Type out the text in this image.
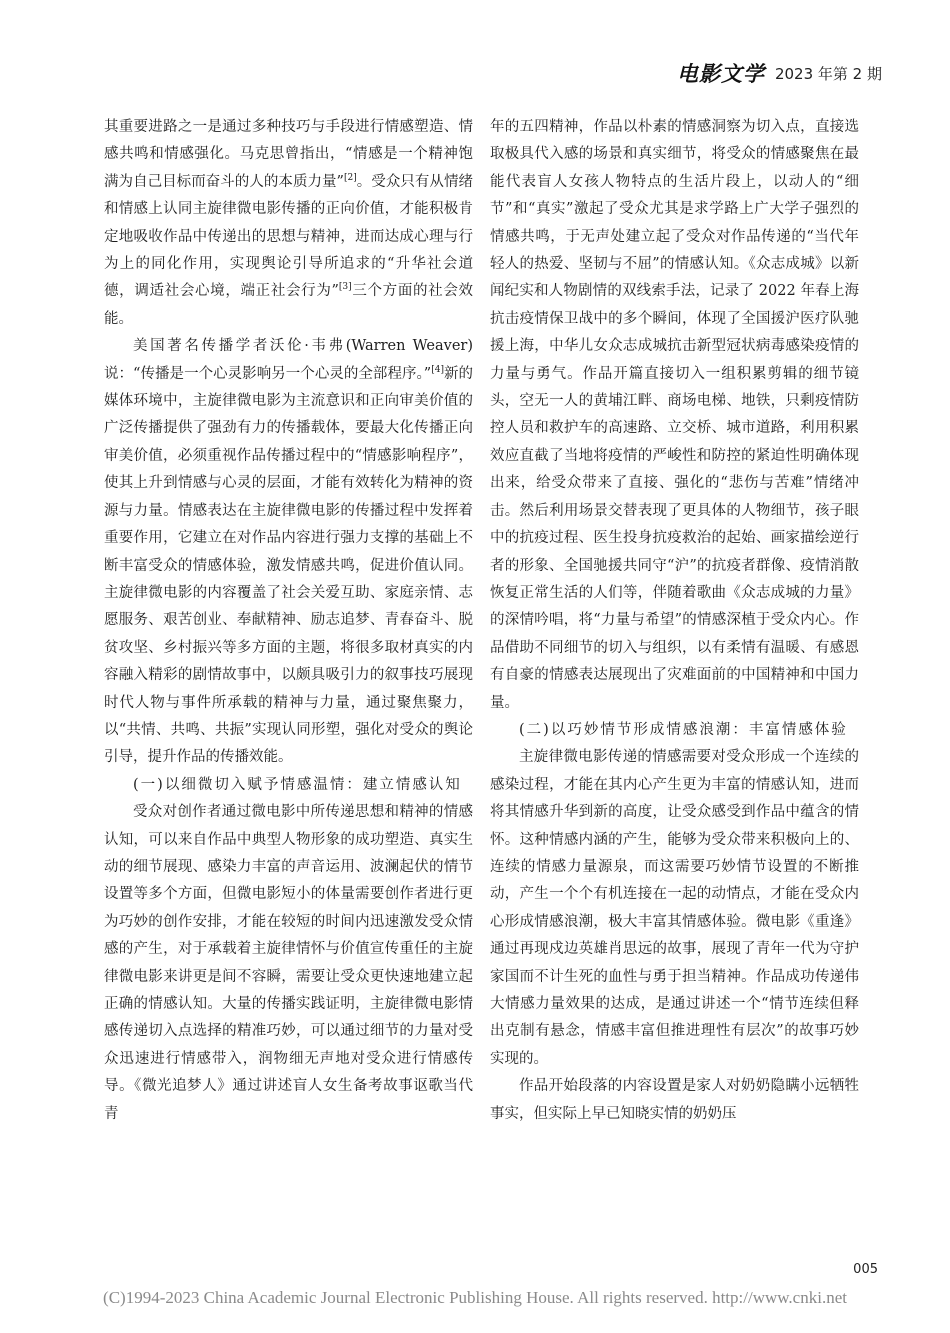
电影文学 2023 年第 2 期

其重要进路之一是通过多种技巧与手段进行情感塑造、情感共鸣和情感强化。马克思曾指出，“情感是一个精神饱满为自己目标而奋斗的人的本质力量”[2]。受众只有从情绪和情感上认同主旋律微电影传播的正向价值，才能积极肯定地吸收作品中传递出的思想与精神，进而达成心理与行为上的同化作用，实现舆论引导所追求的“升华社会道德，调适社会心境，端正社会行为”[3]三个方面的社会效能。

美国著名传播学者沃伦·韦弗(Warren Weaver)说：“传播是一个心灵影响另一个心灵的全部程序。”[4]新的媒体环境中，主旋律微电影为主流意识和正向审美价值的广泛传播提供了强劲有力的传播载体，要最大化传播正向审美价值，必须重视作品传播过程中的“情感影响程序”，使其上升到情感与心灵的层面，才能有效转化为精神的资源与力量。情感表达在主旋律微电影的传播过程中发挥着重要作用，它建立在对作品内容进行强力支撑的基础上不断丰富受众的情感体验，激发情感共鸣，促进价值认同。主旋律微电影的内容覆盖了社会关爱互助、家庭亲情、志愿服务、艰苦创业、奉献精神、励志追梦、青春奋斗、脱贫攻坚、乡村振兴等多方面的主题，将很多取材真实的内容融入精彩的剧情故事中，以颇具吸引力的叙事技巧展现时代人物与事件所承载的精神与力量，通过聚焦聚力，以“共情、共鸣、共振”实现认同形塑，强化对受众的舆论引导，提升作品的传播效能。

(一)以细微切入赋予情感温情：建立情感认知

受众对创作者通过微电影中所传递思想和精神的情感认知，可以来自作品中典型人物形象的成功塑造、真实生动的细节展现、感染力丰富的声音运用、波澜起伏的情节设置等多个方面，但微电影短小的体量需要创作者进行更为巧妙的创作安排，才能在较短的时间内迅速激发受众情感的产生，对于承载着主旋律情怀与价值宣传重任的主旋律微电影来讲更是间不容瞬，需要让受众更快速地建立起正确的情感认知。大量的传播实践证明，主旋律微电影情感传递切入点选择的精准巧妙，可以通过细节的力量对受众迅速进行情感带入，润物细无声地对受众进行情感传导。《微光追梦人》通过讲述盲人女生备考故事讴歌当代青

年的五四精神，作品以朴素的情感洞察为切入点，直接选取极具代入感的场景和真实细节，将受众的情感聚焦在最能代表盲人女孩人物特点的生活片段上，以动人的“细节”和“真实”激起了受众尤其是求学路上广大学子强烈的情感共鸣，于无声处建立起了受众对作品传递的“当代年轻人的热爱、坚韧与不屈”的情感认知。《众志成城》以新闻纪实和人物剧情的双线索手法，记录了 2022 年春上海抗击疫情保卫战中的多个瞬间，体现了全国援沪医疗队驰援上海，中华儿女众志成城抗击新型冠状病毒感染疫情的力量与勇气。作品开篇直接切入一组积累剪辑的细节镜头，空无一人的黄埔江畔、商场电梯、地铁，只剩疫情防控人员和救护车的高速路、立交桥、城市道路，利用积累效应直截了当地将疫情的严峻性和防控的紧迫性明确体现出来，给受众带来了直接、强化的“悲伤与苦难”情绪冲击。然后利用场景交替表现了更具体的人物细节，孩子眼中的抗疫过程、医生投身抗疫救治的起始、画家描绘逆行者的形象、全国驰援共同守“沪”的抗疫者群像、疫情消散恢复正常生活的人们等，伴随着歌曲《众志成城的力量》的深情吟唱，将“力量与希望”的情感深植于受众内心。作品借助不同细节的切入与组织，以有柔情有温暖、有感恩有自豪的情感表达展现出了灾难面前的中国精神和中国力量。

(二)以巧妙情节形成情感浪潮：丰富情感体验

主旋律微电影传递的情感需要对受众形成一个连续的感染过程，才能在其内心产生更为丰富的情感认知，进而将其情感升华到新的高度，让受众感受到作品中蕴含的情怀。这种情感内涵的产生，能够为受众带来积极向上的、连续的情感力量源泉，而这需要巧妙情节设置的不断推动，产生一个个有机连接在一起的动情点，才能在受众内心形成情感浪潮，极大丰富其情感体验。微电影《重逢》通过再现戍边英雄肖思远的故事，展现了青年一代为守护家国而不计生死的血性与勇于担当精神。作品成功传递伟大情感力量效果的达成，是通过讲述一个“情节连续但释出克制有悬念，情感丰富但推进理性有层次”的故事巧妙实现的。

作品开始段落的内容设置是家人对奶奶隐瞒小远牺牲事实，但实际上早已知晓实情的奶奶压

005
(C)1994-2023 China Academic Journal Electronic Publishing House. All rights reserved. http://www.cnki.net
